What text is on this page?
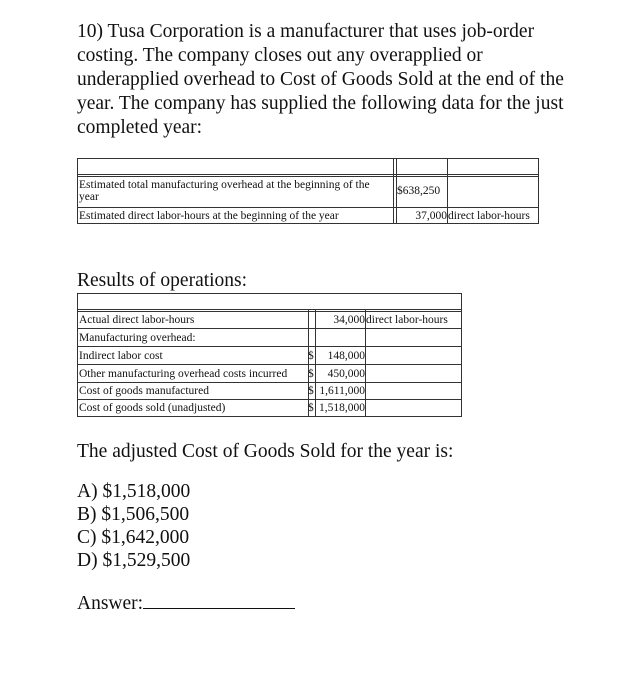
10) Tusa Corporation is a manufacturer that uses job-order costing. The company closes out any overapplied or underapplied overhead to Cost of Goods Sold at the end of the year. The company has supplied the following data for the just completed year:

Estimated total manufacturing overhead at the beginning of the year	$638,250
Estimated direct labor-hours at the beginning of the year	37,000 direct labor-hours
Results of operations:
Actual direct labor-hours	34,000 direct labor-hours
Manufacturing overhead:
Indirect labor cost	$	148,000
Other manufacturing overhead costs incurred	$	450,000
Cost of goods manufactured	$ 1,611,000
Cost of goods sold (unadjusted)	$ 1,518,000

The adjusted Cost of Goods Sold for the year is:

A) $1,518,000
B) $1,506,500
C) $1,642,000
D) $1,529,500
Answer:
